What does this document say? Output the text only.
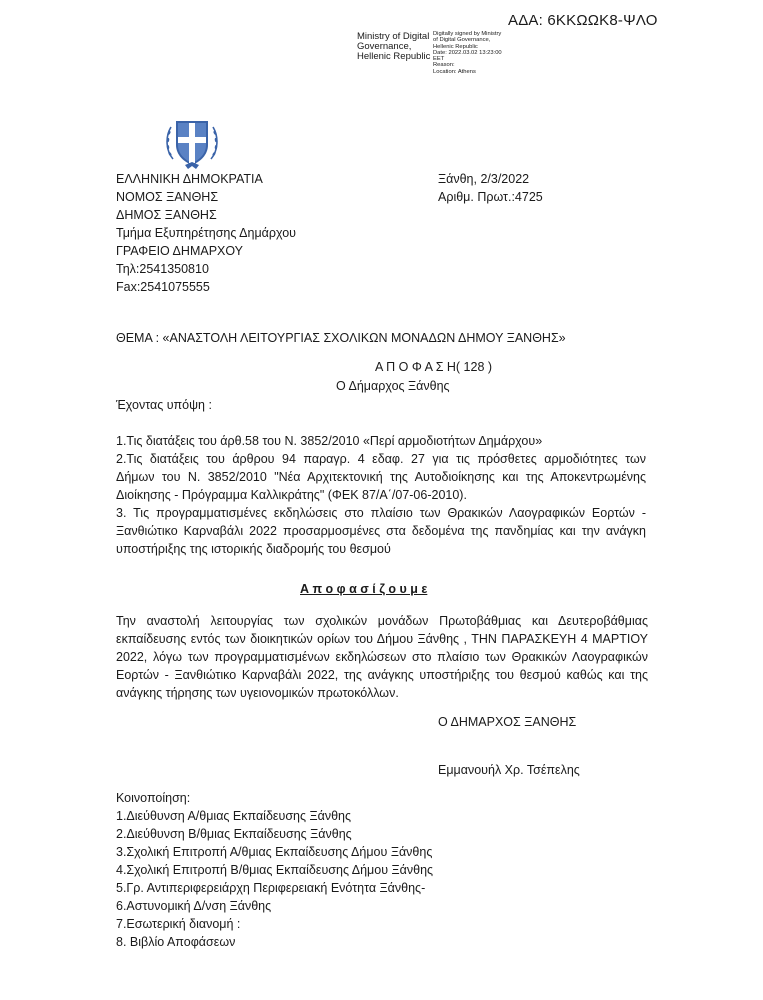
ΑΔΑ: 6ΚΚΩΩΚ8-ΨΛΟ
Ministry of Digital
Governance,
Hellenic Republic
Digitally signed by Ministry
of Digital Governance,
Hellenic Republic
Date: 2022.03.02 13:23:00
EET
Reason:
Location: Athens
ΕΛΛΗΝΙΚΗ ΔΗΜΟΚΡΑΤΙΑ
ΝΟΜΟΣ ΞΑΝΘΗΣ
ΔΗΜΟΣ ΞΑΝΘΗΣ
Τμήμα Εξυπηρέτησης Δημάρχου
ΓΡΑΦΕΙΟ ΔΗΜΑΡΧΟΥ
Τηλ:2541350810
Fax:2541075555
Ξάνθη, 2/3/2022
Αριθμ. Πρωτ.:4725
ΘΕΜΑ : «ΑΝΑΣΤΟΛΗ ΛΕΙΤΟΥΡΓΙΑΣ ΣΧΟΛΙΚΩΝ ΜΟΝΑΔΩΝ ΔΗΜΟΥ ΞΑΝΘΗΣ»
Α Π Ο Φ Α Σ Η( 128 )
Ο Δήμαρχος Ξάνθης
Έχοντας υπόψη :
1.Τις διατάξεις του άρθ.58 του Ν. 3852/2010 «Περί αρμοδιοτήτων Δημάρχου»
2.Τις διατάξεις του άρθρου 94 παραγρ. 4 εδαφ. 27 για τις πρόσθετες αρμοδιότητες των
Δήμων του Ν. 3852/2010 "Νέα Αρχιτεκτονική της Αυτοδιοίκησης και της Αποκεντρωμένης
Διοίκησης - Πρόγραμμα Καλλικράτης" (ΦΕΚ 87/Α΄/07-06-2010).
3. Τις προγραμματισμένες εκδηλώσεις στο πλαίσιο των Θρακικών Λαογραφικών Εορτών -
Ξανθιώτικο Καρναβάλι 2022 προσαρμοσμένες στα δεδομένα της πανδημίας και την ανάγκη
υποστήριξης της ιστορικής διαδρομής του θεσμού
Α π ο φ α σ ί ζ ο υ μ ε
Την αναστολή λειτουργίας των σχολικών μονάδων Πρωτοβάθμιας και Δευτεροβάθμιας
εκπαίδευσης εντός των διοικητικών ορίων του Δήμου Ξάνθης , ΤΗΝ ΠΑΡΑΣΚΕΥΗ 4 ΜΑΡΤΙΟΥ
2022, λόγω των προγραμματισμένων εκδηλώσεων στο πλαίσιο των Θρακικών Λαογραφικών
Εορτών - Ξανθιώτικο Καρναβάλι 2022, της ανάγκης υποστήριξης του θεσμού καθώς και της
ανάγκης τήρησης των υγειονομικών πρωτοκόλλων.
Ο ΔΗΜΑΡΧΟΣ ΞΑΝΘΗΣ
Εμμανουήλ Χρ. Τσέπελης
Κοινοποίηση:
1.Διεύθυνση Α/θμιας Εκπαίδευσης Ξάνθης
2.Διεύθυνση Β/θμιας Εκπαίδευσης Ξάνθης
3.Σχολική Επιτροπή Α/θμιας Εκπαίδευσης Δήμου Ξάνθης
4.Σχολική Επιτροπή Β/θμιας Εκπαίδευσης Δήμου Ξάνθης
5.Γρ. Αντιπεριφερειάρχη Περιφερειακή Ενότητα Ξάνθης-
6.Αστυνομική Δ/νση Ξάνθης
7.Εσωτερική διανομή :
8. Βιβλίο Αποφάσεων
